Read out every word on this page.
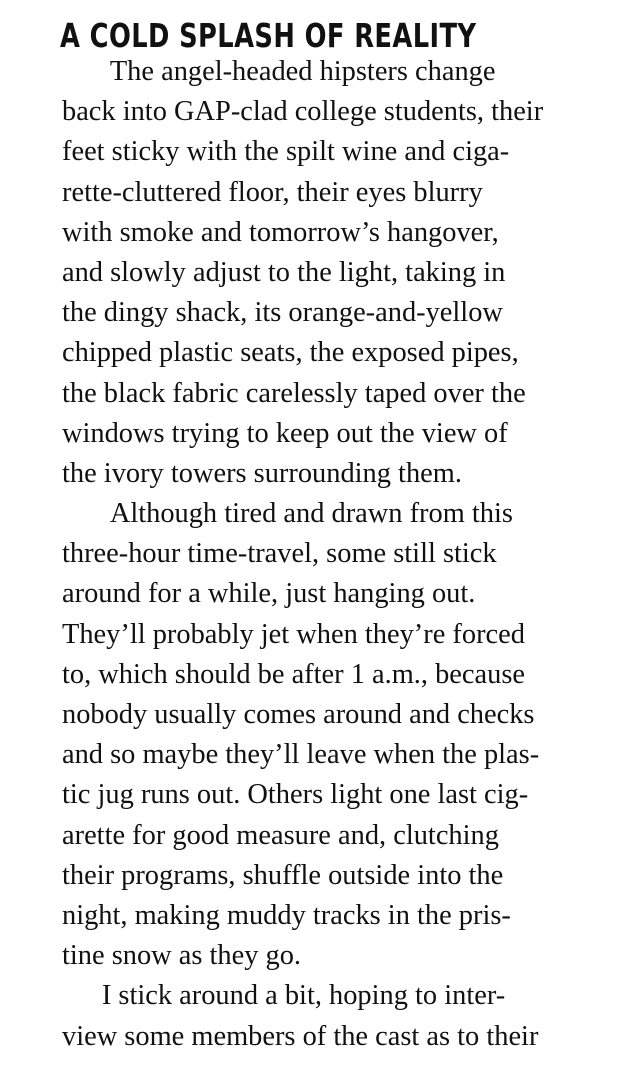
A COLD SPLASH OF REALITY
The angel-headed hipsters change
back into GAP-clad college students, their
feet sticky with the spilt wine and ciga-
rette-cluttered floor, their eyes blurry
with smoke and tomorrow’s hangover,
and slowly adjust to the light, taking in
the dingy shack, its orange-and-yellow
chipped plastic seats, the exposed pipes,
the black fabric carelessly taped over the
windows trying to keep out the view of
the ivory towers surrounding them.
Although tired and drawn from this
three-hour time-travel, some still stick
around for a while, just hanging out.
They’ll probably jet when they’re forced
to, which should be after 1 a.m., because
nobody usually comes around and checks
and so maybe they’ll leave when the plas-
tic jug runs out. Others light one last cig-
arette for good measure and, clutching
their programs, shuffle outside into the
night, making muddy tracks in the pris-
tine snow as they go.
I stick around a bit, hoping to inter-
view some members of the cast as to their
